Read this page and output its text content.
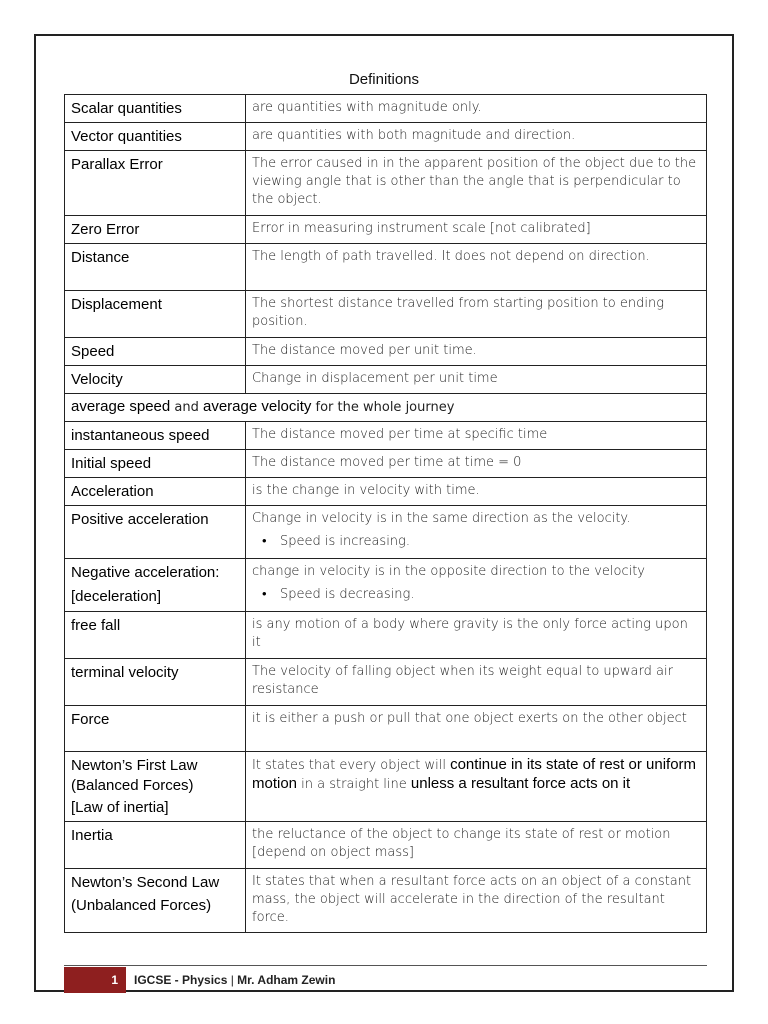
Definitions
Scalar quantities	are quantities with magnitude only.
Vector quantities	are quantities with both magnitude and direction.
Parallax Error	The error caused in in the apparent position of the object due to the viewing angle that is other than the angle that is perpendicular to the object.
Zero Error	Error in measuring instrument scale [not calibrated]
Distance	The length of path travelled. It does not depend on direction.
Displacement	The shortest distance travelled from starting position to ending position.
Speed	The distance moved per unit time.
Velocity	Change in displacement per unit time
average speed and average velocity for the whole journey	
instantaneous speed	The distance moved per time at specific time
Initial speed	The distance moved per time at time = 0
Acceleration	is the change in velocity with time.
Positive acceleration	Change in velocity is in the same direction as the velocity.
• Speed is increasing.

Negative acceleration:
[deceleration]	change in velocity is in the opposite direction to the velocity
• Speed is decreasing.

free fall	is any motion of a body where gravity is the only force acting upon it
terminal velocity	The velocity of falling object when its weight equal to upward air resistance
Force	it is either a push or pull that one object exerts on the other object
Newton’s First Law
(Balanced Forces)
[Law of inertia]	It states that every object will continue in its state of rest or uniform motion in a straight line unless a resultant force acts on it
Inertia	the reluctance of the object to change its state of rest or motion [depend on object mass]
Newton’s Second Law
(Unbalanced Forces)	It states that when a resultant force acts on an object of a constant mass, the object will accelerate in the direction of the resultant force.
1	IGCSE - Physics | Mr. Adham Zewin
